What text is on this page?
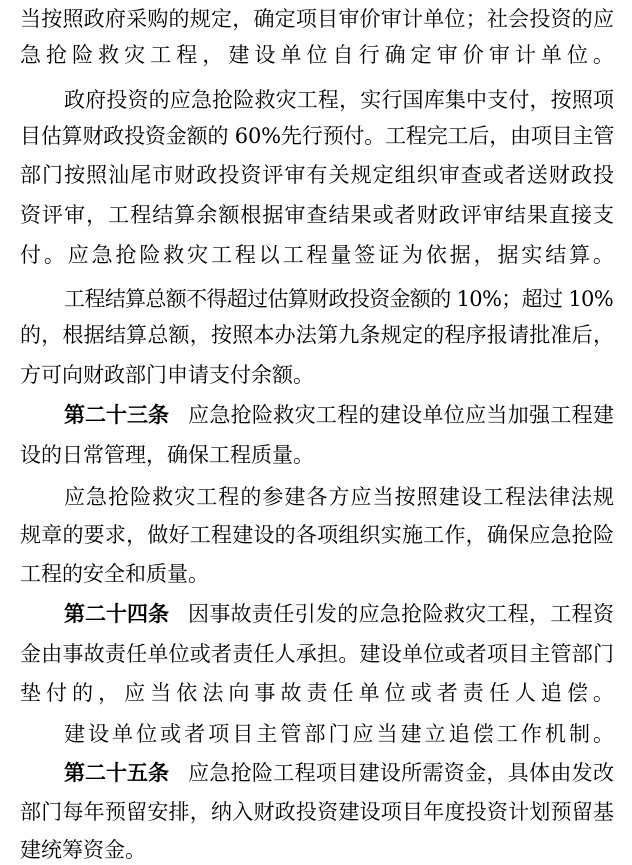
当按照政府采购的规定，确定项目审价审计单位；社会投资的应
急抢险救灾工程，建设单位自行确定审价审计单位。
政府投资的应急抢险救灾工程，实行国库集中支付，按照项
目估算财政投资金额的 60%先行预付。工程完工后，由项目主管
部门按照汕尾市财政投资评审有关规定组织审查或者送财政投
资评审，工程结算余额根据审查结果或者财政评审结果直接支
付。应急抢险救灾工程以工程量签证为依据，据实结算。
工程结算总额不得超过估算财政投资金额的 10%；超过 10%
的，根据结算总额，按照本办法第九条规定的程序报请批准后，
方可向财政部门申请支付余额。
第二十三条 应急抢险救灾工程的建设单位应当加强工程建
设的日常管理，确保工程质量。
应急抢险救灾工程的参建各方应当按照建设工程法律法规
规章的要求，做好工程建设的各项组织实施工作，确保应急抢险
工程的安全和质量。
第二十四条 因事故责任引发的应急抢险救灾工程，工程资
金由事故责任单位或者责任人承担。建设单位或者项目主管部门
垫付的，应当依法向事故责任单位或者责任人追偿。
建设单位或者项目主管部门应当建立追偿工作机制。
第二十五条 应急抢险工程项目建设所需资金，具体由发改
部门每年预留安排，纳入财政投资建设项目年度投资计划预留基
建统筹资金。
